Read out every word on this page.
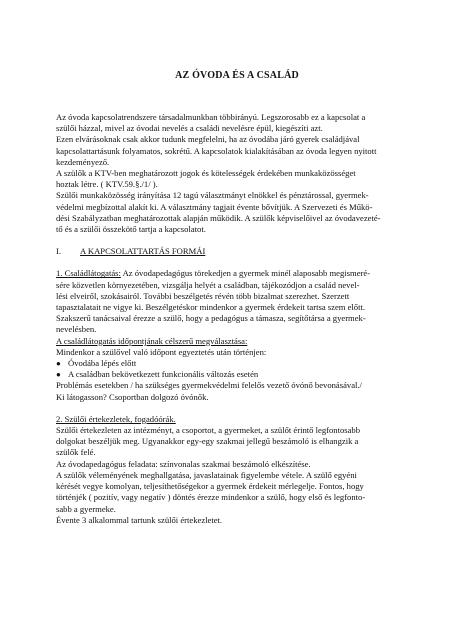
AZ ÓVODA ÉS A CSALÁD

Az óvoda kapcsolatrendszere társadalmunkban többirányú. Legszorosabb ez a kapcsolat a

szülői házzal, mivel az óvodai nevelés a családi nevelésre épül, kiegészíti azt.

Ezen elvárásoknak csak akkor tudunk megfelelni, ha az óvodába járó gyerek családjával

kapcsolattartásunk folyamatos, sokrétű. A kapcsolatok kialakításában az óvoda legyen nyitott

kezdeményező.

A szülők a KTV-ben meghatározott jogok és kötelességek érdekében munkaközösséget

hoztak létre. ( KTV.59.§./1/ ).

Szülői munkaközösség irányítása 12 tagú választmányt elnökkel és pénztárossal, gyermek-

védelmi megbízottal alakít ki. A választmány tagjait évente bővítjük. A Szervezeti és Műkö-

dési Szabályzatban meghatározottak alapján működik. A szülők képviselőivel az óvodavezeté-

tő és a szülői összekötő tartja a kapcsolatot.

I.	A KAPCSOLATTARTÁS FORMÁI

1. Családlátogatás: Az óvodapedagógus törekedjen a gyermek minél alaposabb megismeré-

sére közvetlen környezetében, vizsgálja helyét a családban, tájékozódjon a család nevel-

lési elveiről, szokásairól. További beszélgetés révén több bizalmat szerezhet. Szerzett

tapasztalatait ne vigye ki. Beszélgetéskor mindenkor a gyermek érdekeit tartsa szem előtt.

Szakszerű tanácsaival érezze a szülő, hogy a pedagógus a támasza, segítőtársa a gyermek-

nevelésben.

A családlátogatás időpontjának célszerű megválasztása:

Mindenkor a szülővel való időpont egyeztetés után történjen:

● Óvodába lépés előtt
● A családban bekövetkezett funkcionális változás esetén

Problémás esetekben / ha szükséges gyermekvédelmi felelős vezető óvónő bevonásával./

Ki látogasson? Csoportban dolgozó óvónők.

2. Szülői értekezletek, fogadóórák.

Szülői értekezleten az intézményt, a csoportot, a gyermeket, a szülőt érintő legfontosabb

dolgokat beszéljük meg. Ugyanakkor egy-egy szakmai jellegű beszámoló is elhangzik a

szülők felé.

Az óvodapedagógus feladata: színvonalas szakmai beszámoló elkészítése.

A szülők véleményének meghallgatása, javaslatainak figyelembe vétele. A szülő egyéni

kérését vegye komolyan, teljesíthetőségekor a gyermek érdekeit mérlegelje. Fontos, hogy

történjék ( pozitív, vagy negatív ) döntés érezze mindenkor a szülő, hogy első és legfonto-

sabb a gyermeke.

Évente 3 alkalommal tartunk szülői értekezletet.
